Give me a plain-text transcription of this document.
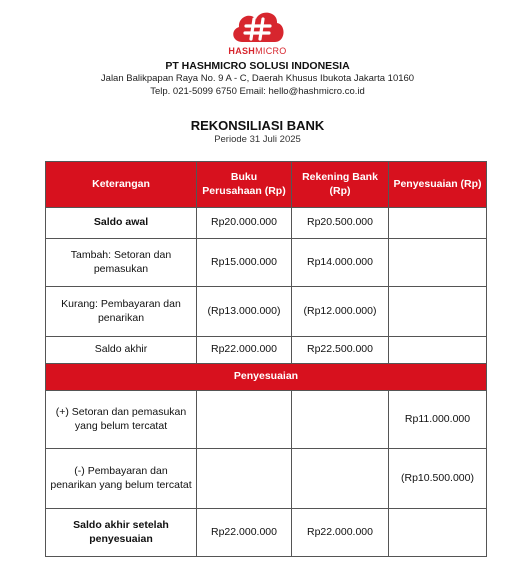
HASHMICRO
PT HASHMICRO SOLUSI INDONESIA
Jalan Balikpapan Raya No. 9 A - C, Daerah Khusus Ibukota Jakarta 10160
Telp. 021-5099 6750 Email: hello@hashmicro.co.id
REKONSILIASI BANK
Periode 31 Juli 2025
Keterangan	Buku Perusahaan (Rp)	Rekening Bank (Rp)	Penyesuaian (Rp)
Saldo awal	Rp20.000.000	Rp20.500.000	
Tambah: Setoran dan pemasukan	Rp15.000.000	Rp14.000.000	
Kurang: Pembayaran dan penarikan	(Rp13.000.000)	(Rp12.000.000)	
Saldo akhir	Rp22.000.000	Rp22.500.000	
Penyesuaian			
(+) Setoran dan pemasukan yang belum tercatat			Rp11.000.000
(-) Pembayaran dan penarikan yang belum tercatat			(Rp10.500.000)
Saldo akhir setelah penyesuaian	Rp22.000.000	Rp22.000.000	
